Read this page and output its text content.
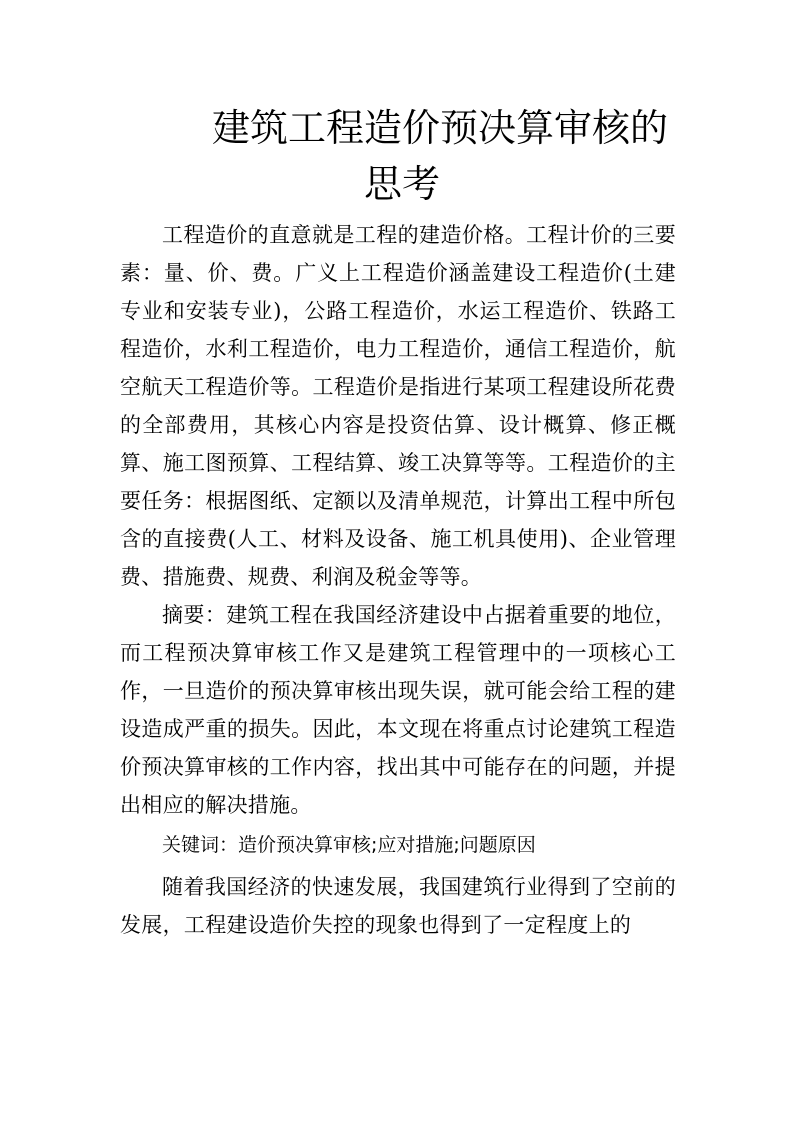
建筑工程造价预决算审核的
思考

工程造价的直意就是工程的建造价格。工程计价的三要素：量、价、费。广义上工程造价涵盖建设工程造价(土建专业和安装专业)，公路工程造价，水运工程造价、铁路工程造价，水利工程造价，电力工程造价，通信工程造价，航空航天工程造价等。工程造价是指进行某项工程建设所花费的全部费用，其核心内容是投资估算、设计概算、修正概算、施工图预算、工程结算、竣工决算等等。工程造价的主要任务：根据图纸、定额以及清单规范，计算出工程中所包含的直接费(人工、材料及设备、施工机具使用)、企业管理费、措施费、规费、利润及税金等等。

摘要：建筑工程在我国经济建设中占据着重要的地位，而工程预决算审核工作又是建筑工程管理中的一项核心工作，一旦造价的预决算审核出现失误，就可能会给工程的建设造成严重的损失。因此，本文现在将重点讨论建筑工程造价预决算审核的工作内容，找出其中可能存在的问题，并提出相应的解决措施。

关键词：造价预决算审核;应对措施;问题原因

随着我国经济的快速发展，我国建筑行业得到了空前的发展，工程建设造价失控的现象也得到了一定程度上的
